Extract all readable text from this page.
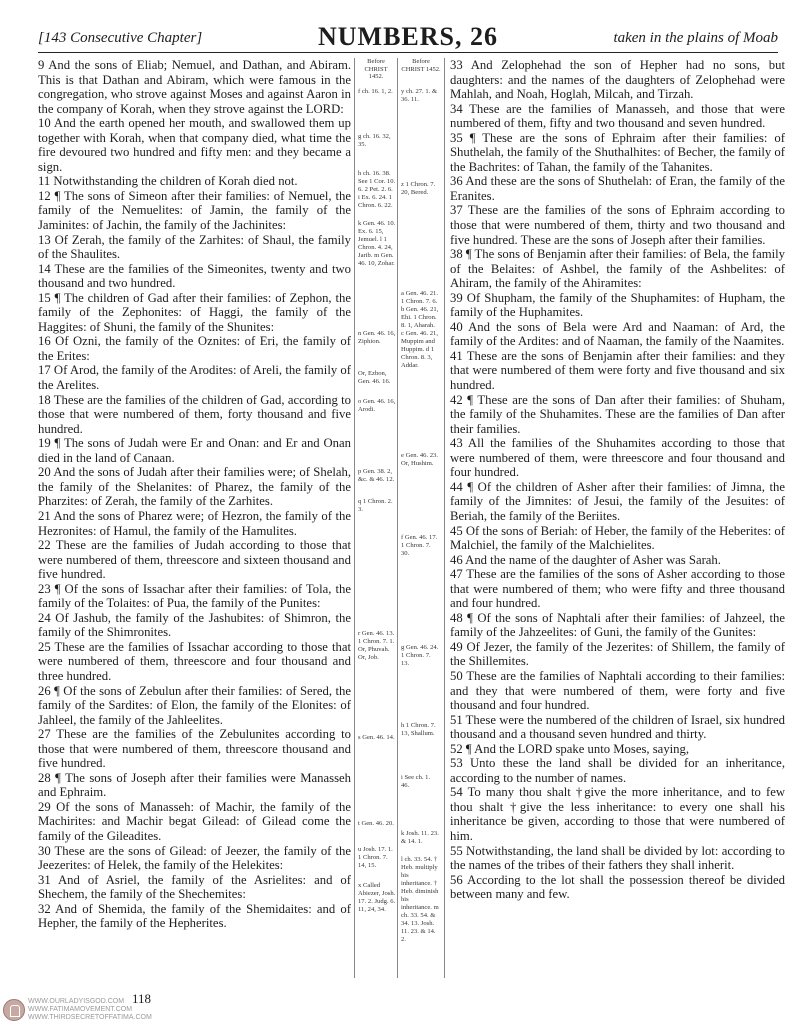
[143 Consecutive Chapter]	NUMBERS, 26	taken in the plains of Moab

9 And the sons of Eliab; Nemuel, and Dathan, and Abiram. This is that Dathan and Abiram, which were famous in the congregation, who strove against Moses and against Aaron in the company of Korah, when they strove against the LORD:

10 And the earth opened her mouth, and swallowed them up together with Korah, when that company died, what time the fire devoured two hundred and fifty men: and they became a sign.

11 Notwithstanding the children of Korah died not.

12 ¶ The sons of Simeon after their families: of Nemuel, the family of the Nemuelites: of Jamin, the family of the Jaminites: of Jachin, the family of the Jachinites:

13 Of Zerah, the family of the Zarhites: of Shaul, the family of the Shaulites.

14 These are the families of the Simeonites, twenty and two thousand and two hundred.

15 ¶ The children of Gad after their families: of Zephon, the family of the Zephonites: of Haggi, the family of the Haggites: of Shuni, the family of the Shunites:

16 Of Ozni, the family of the Oznites: of Eri, the family of the Erites:

17 Of Arod, the family of the Arodites: of Areli, the family of the Arelites.

18 These are the families of the children of Gad, according to those that were numbered of them, forty thousand and five hundred.

19 ¶ The sons of Judah were Er and Onan: and Er and Onan died in the land of Canaan.

20 And the sons of Judah after their families were; of Shelah, the family of the Shelanites: of Pharez, the family of the Pharzites: of Zerah, the family of the Zarhites.

21 And the sons of Pharez were; of Hezron, the family of the Hezronites: of Hamul, the family of the Hamulites.

22 These are the families of Judah according to those that were numbered of them, threescore and sixteen thousand and five hundred.

23 ¶ Of the sons of Issachar after their families: of Tola, the family of the Tolaites: of Pua, the family of the Punites:

24 Of Jashub, the family of the Jashubites: of Shimron, the family of the Shimronites.

25 These are the families of Issachar according to those that were numbered of them, threescore and four thousand and three hundred.

26 ¶ Of the sons of Zebulun after their families: of Sered, the family of the Sardites: of Elon, the family of the Elonites: of Jahleel, the family of the Jahleelites.

27 These are the families of the Zebulunites according to those that were numbered of them, threescore thousand and five hundred.

28 ¶ The sons of Joseph after their families were Manasseh and Ephraim.

29 Of the sons of Manasseh: of Machir, the family of the Machirites: and Machir begat Gilead: of Gilead come the family of the Gileadites.

30 These are the sons of Gilead: of Jeezer, the family of the Jeezerites: of Helek, the family of the Helekites:

31 And of Asriel, the family of the Asrielites: and of Shechem, the family of the Shechemites:

32 And of Shemida, the family of the Shemidaites: and of Hepher, the family of the Hepherites.

Before CHRIST 1452.
f ch. 16. 1, 2.
g ch. 16. 32, 35.
h ch. 16. 38. See 1 Cor. 10. 6. 2 Pet. 2. 6. i Ex. 6. 24. 1 Chron. 6. 22.
k Gen. 46. 10. Ex. 6. 15, Jemuel. l 1 Chron. 4. 24, Jarib. m Gen. 46. 10, Zohar.
n Gen. 46. 16, Ziphion.
Or, Ezbon, Gen. 46. 16.
o Gen. 46. 16, Arodi.
p Gen. 38. 2, &c. & 46. 12.
q 1 Chron. 2. 3.
r Gen. 46. 13. 1 Chron. 7. 1. Or, Phuvah. Or, Job.
s Gen. 46. 14.
t Gen. 46. 20.
u Josh. 17. 1. 1 Chron. 7. 14, 15.
x Called Abiezer, Josh. 17. 2. Judg. 6. 11, 24, 34.
Before CHRIST 1452.
y ch. 27. 1. & 36. 11.
z 1 Chron. 7. 20, Bered.
a Gen. 46. 21. 1 Chron. 7. 6. b Gen. 46. 21, Ehi. 1 Chron. 8. 1, Aharah. c Gen. 46. 21, Muppim and Huppim. d 1 Chron. 8. 3, Addar.
e Gen. 46. 23. Or, Hushim.
f Gen. 46. 17. 1 Chron. 7. 30.
g Gen. 46. 24. 1 Chron. 7. 13.
h 1 Chron. 7. 13, Shallum.
i See ch. 1. 46.
k Josh. 11. 23. & 14. 1.
l ch. 33. 54. † Heb. multiply his inheritance. † Heb. diminish his inheritance. m ch. 33. 54. & 34. 13. Josh. 11. 23. & 14. 2.

33 And Zelophehad the son of Hepher had no sons, but daughters: and the names of the daughters of Zelophehad were Mahlah, and Noah, Hoglah, Milcah, and Tirzah.

34 These are the families of Manasseh, and those that were numbered of them, fifty and two thousand and seven hundred.

35 ¶ These are the sons of Ephraim after their families: of Shuthelah, the family of the Shuthalhites: of Becher, the family of the Bachrites: of Tahan, the family of the Tahanites.

36 And these are the sons of Shuthelah: of Eran, the family of the Eranites.

37 These are the families of the sons of Ephraim according to those that were numbered of them, thirty and two thousand and five hundred. These are the sons of Joseph after their families.

38 ¶ The sons of Benjamin after their families: of Bela, the family of the Belaites: of Ashbel, the family of the Ashbelites: of Ahiram, the family of the Ahiramites:

39 Of Shupham, the family of the Shuphamites: of Hupham, the family of the Huphamites.

40 And the sons of Bela were Ard and Naaman: of Ard, the family of the Ardites: and of Naaman, the family of the Naamites.

41 These are the sons of Benjamin after their families: and they that were numbered of them were forty and five thousand and six hundred.

42 ¶ These are the sons of Dan after their families: of Shuham, the family of the Shuhamites. These are the families of Dan after their families.

43 All the families of the Shuhamites according to those that were numbered of them, were threescore and four thousand and four hundred.

44 ¶ Of the children of Asher after their families: of Jimna, the family of the Jimnites: of Jesui, the family of the Jesuites: of Beriah, the family of the Beriites.

45 Of the sons of Beriah: of Heber, the family of the Heberites: of Malchiel, the family of the Malchielites.

46 And the name of the daughter of Asher was Sarah.

47 These are the families of the sons of Asher according to those that were numbered of them; who were fifty and three thousand and four hundred.

48 ¶ Of the sons of Naphtali after their families: of Jahzeel, the family of the Jahzeelites: of Guni, the family of the Gunites:

49 Of Jezer, the family of the Jezerites: of Shillem, the family of the Shillemites.

50 These are the families of Naphtali according to their families: and they that were numbered of them, were forty and five thousand and four hundred.

51 These were the numbered of the children of Israel, six hundred thousand and a thousand seven hundred and thirty.

52 ¶ And the LORD spake unto Moses, saying,

53 Unto these the land shall be divided for an inheritance, according to the number of names.

54 To many thou shalt †give the more inheritance, and to few thou shalt †give the less inheritance: to every one shall his inheritance be given, according to those that were numbered of him.

55 Notwithstanding, the land shall be divided by lot: according to the names of the tribes of their fathers they shall inherit.

56 According to the lot shall the possession thereof be divided between many and few.

WWW.OURLADYISGOD.COM
WWW.FATIMAMOVEMENT.COM
WWW.THIRDSECRETOFFATIMA.COM
118
